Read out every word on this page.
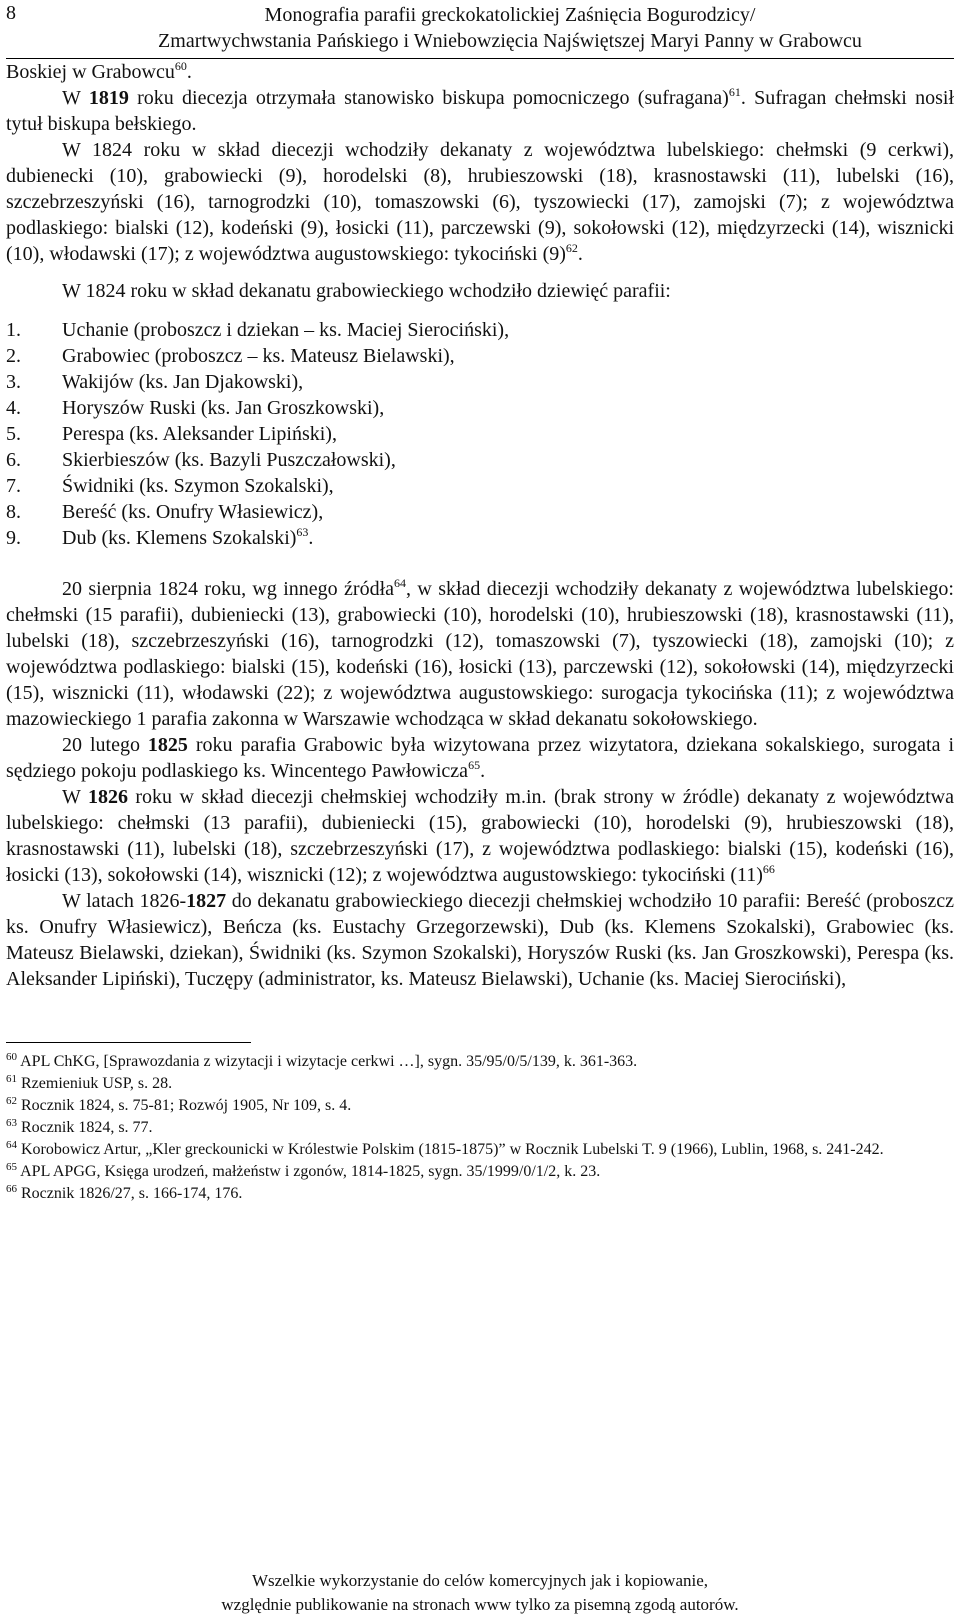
8	Monografia parafii greckokatolickiej Zaśnięcia Bogurodzicy/
Zmartwychwstania Pańskiego i Wniebowzięcia Najświętszej Maryi Panny w Grabowcu

Boskiej w Grabowcu$^{60}$.

W 1819 roku diecezja otrzymała stanowisko biskupa pomocniczego (sufragana)$^{61}$. Sufragan chełmski nosił tytuł biskupa bełskiego.

W 1824 roku w skład diecezji wchodziły dekanaty z województwa lubelskiego: chełmski (9 cerkwi), dubienecki (10), grabowiecki (9), horodelski (8), hrubieszowski (18), krasnostawski (11), lubelski (16), szczebrzeszyński (16), tarnogrodzki (10), tomaszowski (6), tyszowiecki (17), zamojski (7); z województwa podlaskiego: bialski (12), kodeński (9), łosicki (11), parczewski (9), sokołowski (12), międzyrzecki (14), wisznicki (10), włodawski (17); z województwa augustowskiego: tykociński $(9)^{62}$.

W 1824 roku w skład dekanatu grabowieckiego wchodziło dziewięć parafii:

1.	Uchanie (proboszcz i dziekan – ks. Maciej Sierociński),
2.	Grabowiec (proboszcz – ks. Mateusz Bielawski),
3.	Wakijów (ks. Jan Djakowski),
4.	Horyszów Ruski (ks. Jan Groszkowski),
5.	Perespa (ks. Aleksander Lipiński),
6.	Skierbieszów (ks. Bazyli Puszczałowski),
7.	Świdniki (ks. Szymon Szokalski),
8.	Bereść (ks. Onufry Własiewicz),
9.	Dub (ks. Klemens Szokalski)$^{63}$.

20 sierpnia 1824 roku, wg innego źródła$^{64}$, w skład diecezji wchodziły dekanaty z województwa lubelskiego: chełmski (15 parafii), dubieniecki (13), grabowiecki (10), horodelski (10), hrubieszowski (18), krasnostawski (11), lubelski (18), szczebrzeszyński (16), tarnogrodzki (12), tomaszowski (7), tyszowiecki (18), zamojski (10); z województwa podlaskiego: bialski (15), kodeński (16), łosicki (13), parczewski (12), sokołowski (14), międzyrzecki (15), wisznicki (11), włodawski (22); z województwa augustowskiego: surogacja tykocińska (11); z województwa mazowieckiego 1 parafia zakonna w Warszawie wchodząca w skład dekanatu sokołowskiego.

20 lutego 1825 roku parafia Grabowic była wizytowana przez wizytatora, dziekana sokalskiego, surogata i sędziego pokoju podlaskiego ks. Wincentego Pawłowicza$^{65}$.

W 1826 roku w skład diecezji chełmskiej wchodziły m.in. (brak strony w źródle) dekanaty z województwa lubelskiego: chełmski (13 parafii), dubieniecki (15), grabowiecki (10), horodelski (9), hrubieszowski (18), krasnostawski (11), lubelski (18), szczebrzeszyński (17), z województwa podlaskiego: bialski (15), kodeński (16), łosicki (13), sokołowski (14), wisznicki (12); z województwa augustowskiego: tykociński $(11)^{66}$

W latach 1826-1827 do dekanatu grabowieckiego diecezji chełmskiej wchodziło 10 parafii: Bereść (proboszcz ks. Onufry Własiewicz), Beńcza (ks. Eustachy Grzegorzewski), Dub (ks. Klemens Szokalski), Grabowiec (ks. Mateusz Bielawski, dziekan), Świdniki (ks. Szymon Szokalski), Horyszów Ruski (ks. Jan Groszkowski), Perespa (ks. Aleksander Lipiński), Tuczępy (administrator, ks. Mateusz Bielawski), Uchanie (ks. Maciej Sierociński),

$^{60}$ APL ChKG, [Sprawozdania z wizytacji i wizytacje cerkwi …], sygn. 35/95/0/5/139, k. 361-363.

$^{61}$ Rzemieniuk USP, s. 28.

$^{62}$ Rocznik 1824, s. 75-81; Rozwój 1905, Nr 109, s. 4.

$^{63}$ Rocznik 1824, s. 77.

$^{64}$ Korobowicz Artur, „Kler greckounicki w Królestwie Polskim (1815-1875)” w Rocznik Lubelski T. 9 (1966), Lublin, 1968, s. 241-242.

$^{65}$ APL APGG, Księga urodzeń, małżeństw i zgonów, 1814-1825, sygn. 35/1999/0/1/2, k. 23.

$^{66}$ Rocznik 1826/27, s. 166-174, 176.

Wszelkie wykorzystanie do celów komercyjnych jak i kopiowanie,
względnie publikowanie na stronach www tylko za pisemną zgodą autorów.
